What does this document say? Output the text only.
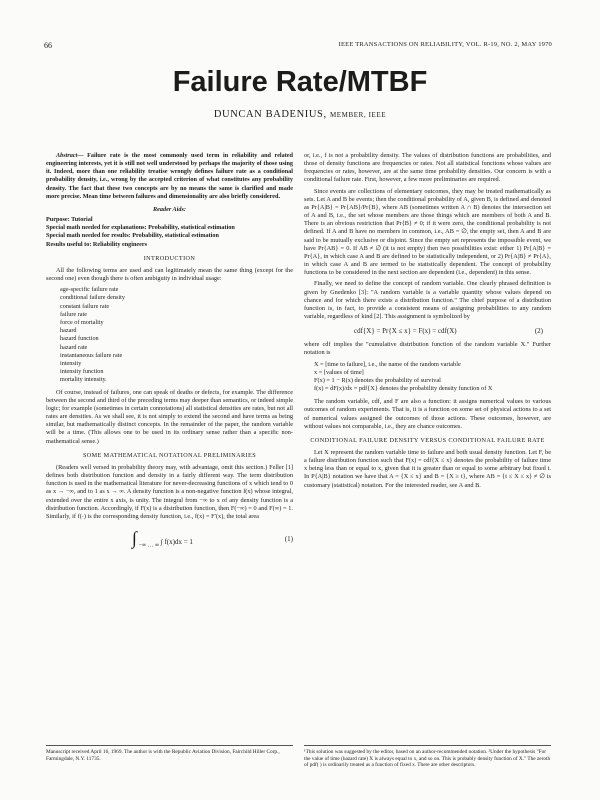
66	IEEE TRANSACTIONS ON RELIABILITY, VOL. R-19, NO. 2, MAY 1970
Failure Rate/MTBF
DUNCAN BADENIUS, MEMBER, IEEE

Abstract— Failure rate is the most commonly used term in reliability and related engineering interests, yet it is still not well understood by perhaps the majority of those using it. Indeed, more than one reliability treatise wrongly defines failure rate as a conditional probability density, i.e., wrong by the accepted criterion of what constitutes any probability density. The fact that these two concepts are by no means the same is clarified and made more precise. Mean time between failures and dimensionality are also briefly considered.

Reader Aids:
Purpose: Tutorial
Special math needed for explanations: Probability, statistical estimation
Special math needed for results: Probability, statistical estimation
Results useful to: Reliability engineers
INTRODUCTION

All the following terms are used and can legitimately mean the same thing (except for the second one) even though there is often ambiguity in individual usage:

age-specific failure rate
conditional failure density
constant failure rate
failure rate
force of mortality
hazard
hazard function
hazard rate
instantaneous failure rate
intensity
intensity function
mortality intensity.

Of course, instead of failures, one can speak of deaths or defects, for example. The difference between the second and third of the preceding terms may deeper than semantics, or indeed simple logic; for example (sometimes in certain connotations) all statistical densities are rates, but not all rates are densities. As we shall see, it is not simply to extend the second and have terms as being similar, but mathematically distinct concepts. In the remainder of the paper, the random variable will be a time. (This allows one to be used in its ordinary sense rather than a specific non-mathematical sense.)

SOME MATHEMATICAL NOTATIONAL PRELIMINARIES

(Readers well versed in probability theory may, with advantage, omit this section.) Feller [1] defines both distribution function and density in a fairly different way. The term distribution function is used in the mathematical literature for never-decreasing functions of x which tend to 0 as x → −∞, and to 1 as x → ∞. A density function is a non-negative function f(x) whose integral, extended over the entire x axis, is unity. The integral from −∞ to x of any density function is a distribution function. Accordingly, if F(x) is a distribution function, then F(−∞) = 0 and F(∞) = 1. Similarly, if f(·) is the corresponding density function, i.e., f(x) = F′(x), the total area

∫ $_{-\infty \dots \infty}$ ∫ f(x)dx = 1	(1)

or, i.e., f is not a probability density. The values of distribution functions are probabilities, and those of density functions are frequencies or rates. Not all statistical functions whose values are frequencies or rates, however, are at the same time probability densities. Our concern is with a conditional failure rate. First, however, a few more preliminaries are required.

Since events are collections of elementary outcomes, they may be treated mathematically as sets. Let A and B be events; then the conditional probability of A, given B, is defined and denoted as Pr{A|B} = Pr{AB}/Pr{B}, where AB (sometimes written A ∩ B) denotes the intersection set of A and B, i.e., the set whose members are those things which are members of both A and B. There is an obvious restriction that Pr{B} ≠ 0; if it were zero, the conditional probability is not defined. If A and B have no members in common, i.e., AB = ∅, the empty set, then A and B are said to be mutually exclusive or disjoint. Since the empty set represents the impossible event, we have Pr{AB} = 0. If AB ≠ ∅ (it is not empty) then two possibilities exist: either 1) Pr{A|B} = Pr{A}, in which case A and B are defined to be statistically independent, or 2) Pr{A|B} ≠ Pr{A}, in which case A and B are termed to be statistically dependent. The concept of probability functions to be considered in the next section are dependent (i.e., dependent) in this sense.

Finally, we need to define the concept of random variable. One clearly phrased definition is given by Gnedenko [3]: "A random variable is a variable quantity whose values depend on chance and for which there exists a distribution function." The chief purpose of a distribution function is, in fact, to provide a consistent means of assigning probabilities to any random variable, regardless of kind [2]. This assignment is symbolized by

cdf{X} = Pr{X ≤ x} = F(x) = cdf(X)	(2)

where cdf implies the "cumulative distribution function of the random variable X." Further notation is

X = [time to failure], i.e., the name of the random variable
x = [values of time]
F(x) = 1 − R(x) denotes the probability of survival
f(x) = dF(x)/dx = pdf{X} denotes the probability density function of X

The random variable, cdf, and F are also a function: it assigns numerical values to various outcomes of random experiments. That is, it is a function on some set of physical actions to a set of numerical values assigned the outcomes of those actions. These outcomes, however, are without values not comparable, i.e., they are chance outcomes.

CONDITIONAL FAILURE DENSITY VERSUS CONDITIONAL FAILURE RATE

Let X represent the random variable time to failure and both usual density function. Let F, be a failure distribution function such that F(x) = cdf{X ≤ x} denotes the probability of failure time x being less than or equal to x, given that it is greater than or equal to some arbitrary but fixed t. In P{A|B} notation we have that A = {X ≤ x} and B = {X ≥ t}, where AB = {t ≤ X ≤ x} ≠ ∅ is customary (statistical) notation. For the interested reader, see A and B.

Manuscript received April 16, 1969. The author is with the Republic Aviation Division, Fairchild Hiller Corp., Farmingdale, N.Y. 11735.
¹This solution was suggested by the editor, based on an author-recommended notation. ²Under the hypothesis "For the value of time (hazard rate) X is always equal to x, and so on. This is probably density function of X." The zeroth of pdf( ) is ordinarily treated as a function of fixed x. There are other descriptors.
